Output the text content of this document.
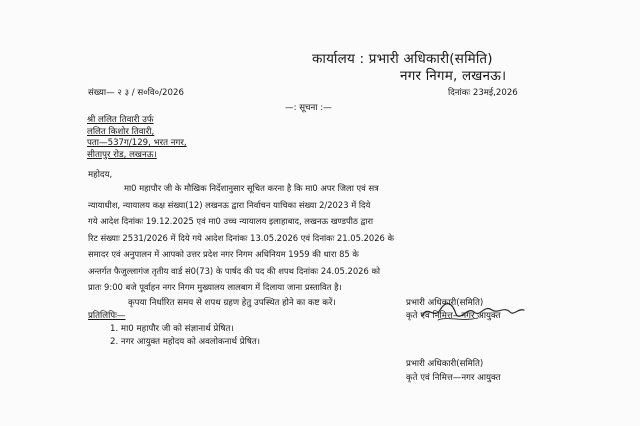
कार्यालय : प्रभारी अधिकारी(समिति)
नगर निगम, लखनऊ।
संख्या— २ ३ / स०वि०/2026	दिनांकः 23मई,2026
—: सूचना :—
श्री ललित तिवारी उर्फ
ललित किशोर तिवारी,
पता—537ग/129, भरत नगर,
सीतापुर रोड, लखनऊ।
महोदय,

मा0 महापौर जी के मौखिक निर्देशानुसार सूचित करना है कि मा0 अपर जिला एवं सत्र

न्यायाधीश, न्यायालय कक्ष संख्या(12) लखनऊ द्वारा निर्वाचन याचिका संख्या 2/2023 में दिये

गये आदेश दिनांकः 19.12.2025 एवं मा0 उच्च न्यायालय इलाहाबाद, लखनऊ खण्डपीठ द्वारा

रिट संख्याः 2531/2026 में दिये गये आदेश दिनांकः 13.05.2026 एवं दिनांकः 21.05.2026 के

समादर एवं अनुपालन में आपको उत्तर प्रदेश नगर निगम अधिनियम 1959 की धारा 85 के

अन्तर्गत फैजुल्लागंज तृतीय वार्ड सं0(73) के पार्षद की पद की शपथ दिनांकः 24.05.2026 को

प्रातः 9:00 बजे पूर्वाहन नगर निगम मुख्यालय लालबाग में दिलाया जाना प्रस्तावित है।

कृपया निर्धारित समय से शपथ ग्रहण हेतु उपस्थित होने का कष्ट करें।	प्रभारी अधिकारी(समिति)
कृते एवं निमित्त—नगर आयुक्त
प्रतिलिपिः—
1. मा0 महापौर जी को संज्ञानार्थ प्रेषित।
2. नगर आयुक्त महोदय को अवलोकनार्थ प्रेषित।
प्रभारी अधिकारी(समिति)
कृते एवं निमित्त—नगर आयुक्त
